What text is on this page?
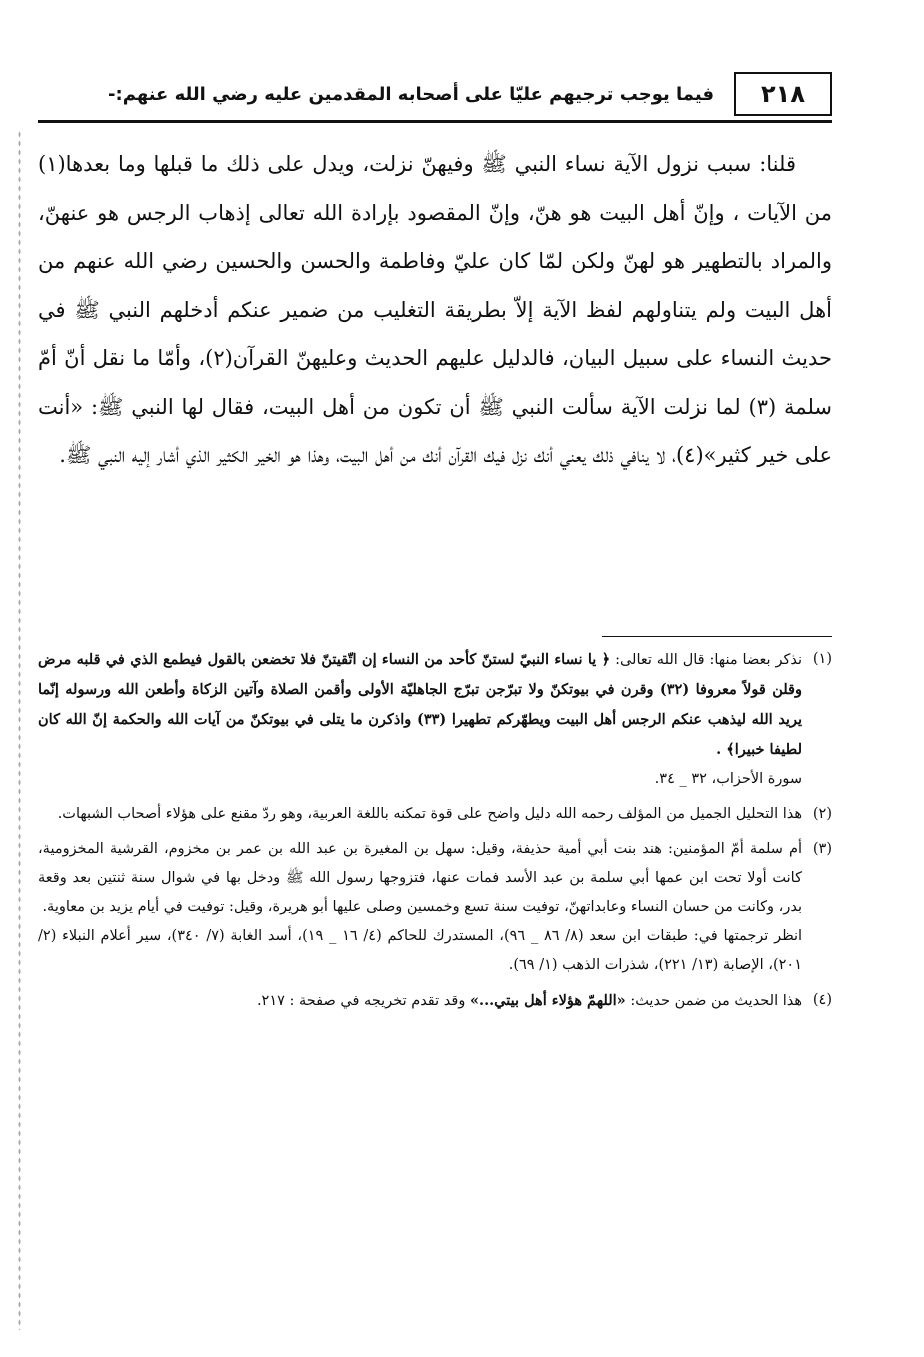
٢١٨
فيما يوجب ترجيهم عليّا على أصحابه المقدمين عليه رضي الله عنهم:-

قلنا: سبب نزول الآية نساء النبي ﷺ وفيهنّ نزلت، ويدل على ذلك ما قبلها وما بعدها(١) من الآيات ، وإنّ أهل البيت هو هنّ، وإنّ المقصود بإرادة الله تعالى إذهاب الرجس هو عنهنّ، والمراد بالتطهير هو لهنّ ولكن لمّا كان عليّ وفاطمة والحسن والحسين رضي الله عنهم من أهل البيت ولم يتناولهم لفظ الآية إلاّ بطريقة التغليب من ضمير عنكم أدخلهم النبي ﷺ في حديث النساء على سبيل البيان، فالدليل عليهم الحديث وعليهنّ القرآن(٢)، وأمّا ما نقل أنّ أمّ سلمة (٣) لما نزلت الآية سألت النبي ﷺ أن تكون من أهل البيت، فقال لها النبي ﷺ: «أنت على خير كثير»(٤)، لا ينافي ذلك يعني أنك نزل فيك القرآن أنك من أهل البيت، وهذا هو الخير الكثير الذي أشار إليه النبي ﷺ.

(١)
نذكر بعضا منها: قال الله تعالى: ﴿ يا نساء النبيّ لستنّ كأحد من النساء إن اتّقيتنّ فلا تخضعن بالقول فيطمع الذي في قلبه مرض وقلن قولاً معروفا (٣٢) وقرن في بيوتكنّ ولا تبرّجن تبرّج الجاهليّة الأولى وأقمن الصلاة وآتين الزكاة وأطعن الله ورسوله إنّما يريد الله ليذهب عنكم الرجس أهل البيت ويطهّركم تطهيرا (٣٣) واذكرن ما يتلى في بيوتكنّ من آيات الله والحكمة إنّ الله كان لطيفا خبيرا﴾ .
سورة الأحزاب، ٣٢ _ ٣٤.
(٢)
هذا التحليل الجميل من المؤلف رحمه الله دليل واضح على قوة تمكنه باللغة العربية، وهو ردّ مقنع على هؤلاء أصحاب الشبهات.
(٣)
أم سلمة أمّ المؤمنين: هند بنت أبي أمية حذيفة، وقيل: سهل بن المغيرة بن عبد الله بن عمر بن مخزوم، القرشية المخزومية، كانت أولا تحت ابن عمها أبي سلمة بن عبد الأسد فمات عنها، فتزوجها رسول الله ﷺ ودخل بها في شوال سنة ثنتين بعد وقعة بدر، وكانت من حسان النساء وعابداتهنّ، توفيت سنة تسع وخمسين وصلى عليها أبو هريرة، وقيل: توفيت في أيام يزيد بن معاوية.
انظر ترجمتها في: طبقات ابن سعد (٨/ ٨٦ _ ٩٦)، المستدرك للحاكم (٤/ ١٦ _ ١٩)، أسد الغابة (٧/ ٣٤٠)، سير أعلام النبلاء (٢/ ٢٠١)، الإصابة (١٣/ ٢٢١)، شذرات الذهب (١/ ٦٩).
(٤)
هذا الحديث من ضمن حديث: «اللهمّ هؤلاء أهل بيتي...» وقد تقدم تخريجه في صفحة : ٢١٧.
